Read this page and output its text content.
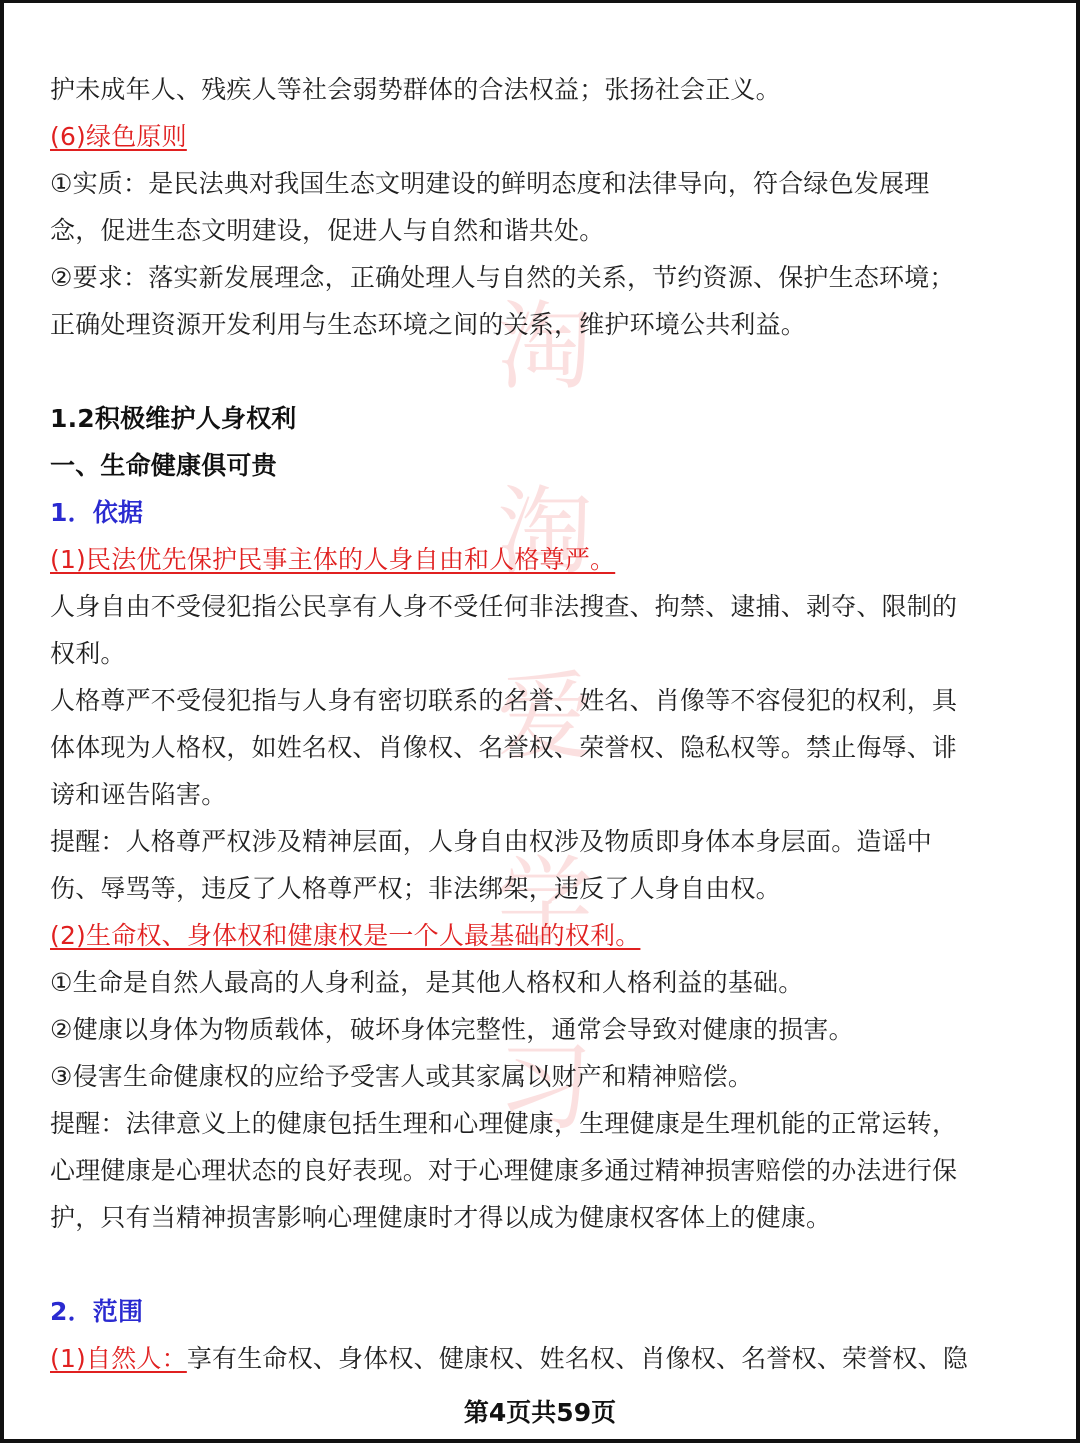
淘
淘
爱
学
习
护未成年人、残疾人等社会弱势群体的合法权益；张扬社会正义。
(6)绿色原则
①实质：是民法典对我国生态文明建设的鲜明态度和法律导向，符合绿色发展理
念，促进生态文明建设，促进人与自然和谐共处。
②要求：落实新发展理念，正确处理人与自然的关系，节约资源、保护生态环境；
正确处理资源开发利用与生态环境之间的关系，维护环境公共利益。
1.2积极维护人身权利
一、生命健康俱可贵
1．依据
(1)民法优先保护民事主体的人身自由和人格尊严。
人身自由不受侵犯指公民享有人身不受任何非法搜查、拘禁、逮捕、剥夺、限制的
权利。
人格尊严不受侵犯指与人身有密切联系的名誉、姓名、肖像等不容侵犯的权利，具
体体现为人格权，如姓名权、肖像权、名誉权、荣誉权、隐私权等。禁止侮辱、诽
谤和诬告陷害。
提醒：人格尊严权涉及精神层面，人身自由权涉及物质即身体本身层面。造谣中
伤、辱骂等，违反了人格尊严权；非法绑架，违反了人身自由权。
(2)生命权、身体权和健康权是一个人最基础的权利。
①生命是自然人最高的人身利益，是其他人格权和人格利益的基础。
②健康以身体为物质载体，破坏身体完整性，通常会导致对健康的损害。
③侵害生命健康权的应给予受害人或其家属以财产和精神赔偿。
提醒：法律意义上的健康包括生理和心理健康，生理健康是生理机能的正常运转，
心理健康是心理状态的良好表现。对于心理健康多通过精神损害赔偿的办法进行保
护，只有当精神损害影响心理健康时才得以成为健康权客体上的健康。
2．范围
(1)自然人：享有生命权、身体权、健康权、姓名权、肖像权、名誉权、荣誉权、隐
第4页共59页
